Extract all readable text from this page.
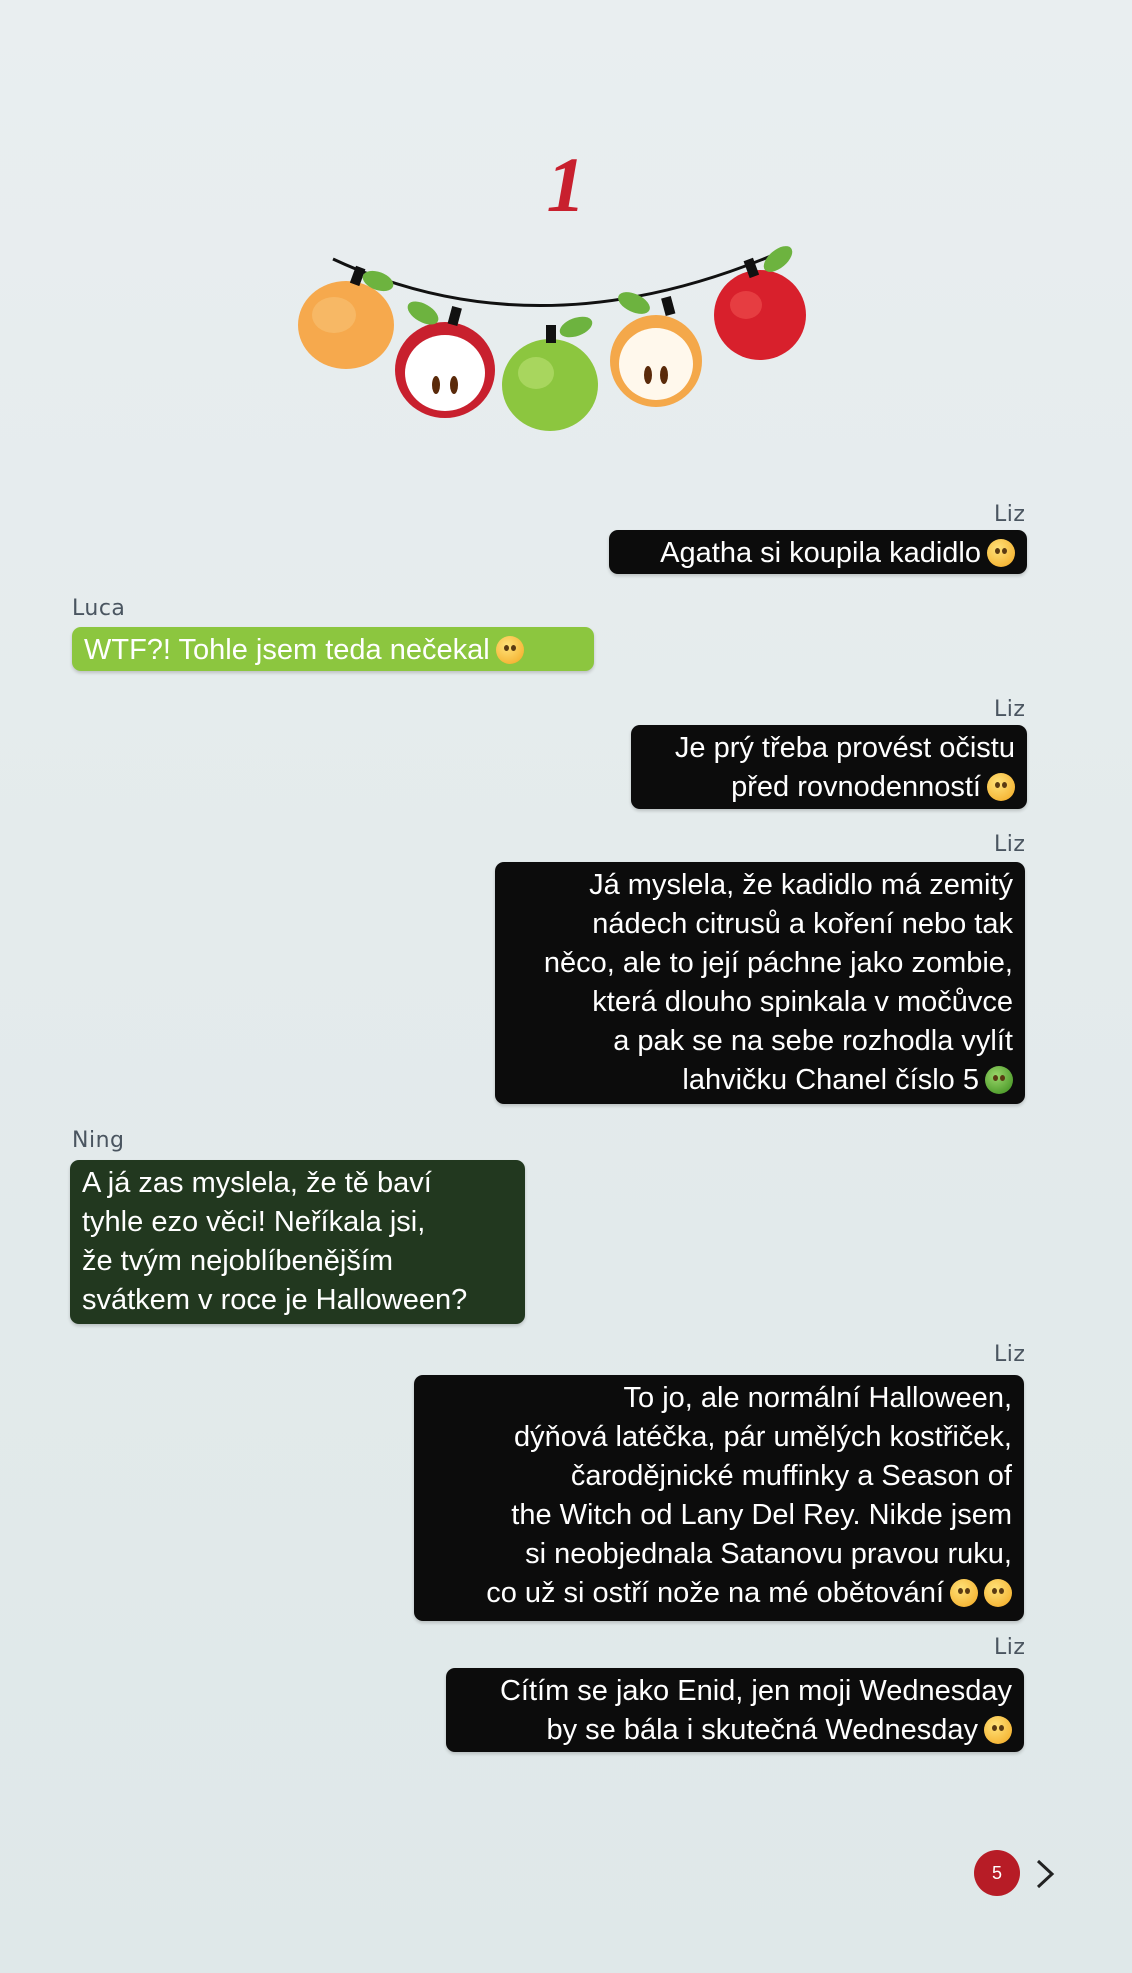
1
Liz
Agatha si koupila kadidlo
Luca
WTF?! Tohle jsem teda nečekal
Liz
Je prý třeba provést očistu
před rovnodenností
Liz
Já myslela, že kadidlo má zemitý
nádech citrusů a koření nebo tak
něco, ale to její páchne jako zombie,
která dlouho spinkala v močůvce
a pak se na sebe rozhodla vylít
lahvičku Chanel číslo 5
Ning
A já zas myslela, že tě baví
tyhle ezo věci! Neříkala jsi,
že tvým nejoblíbenějším
svátkem v roce je Halloween?
Liz
To jo, ale normální Halloween,
dýňová latéčka, pár umělých kostřiček,
čarodějnické muffinky a Season of
the Witch od Lany Del Rey. Nikde jsem
si neobjednala Satanovu pravou ruku,
co už si ostří nože na mé obětování
Liz
Cítím se jako Enid, jen moji Wednesday
by se bála i skutečná Wednesday
5
